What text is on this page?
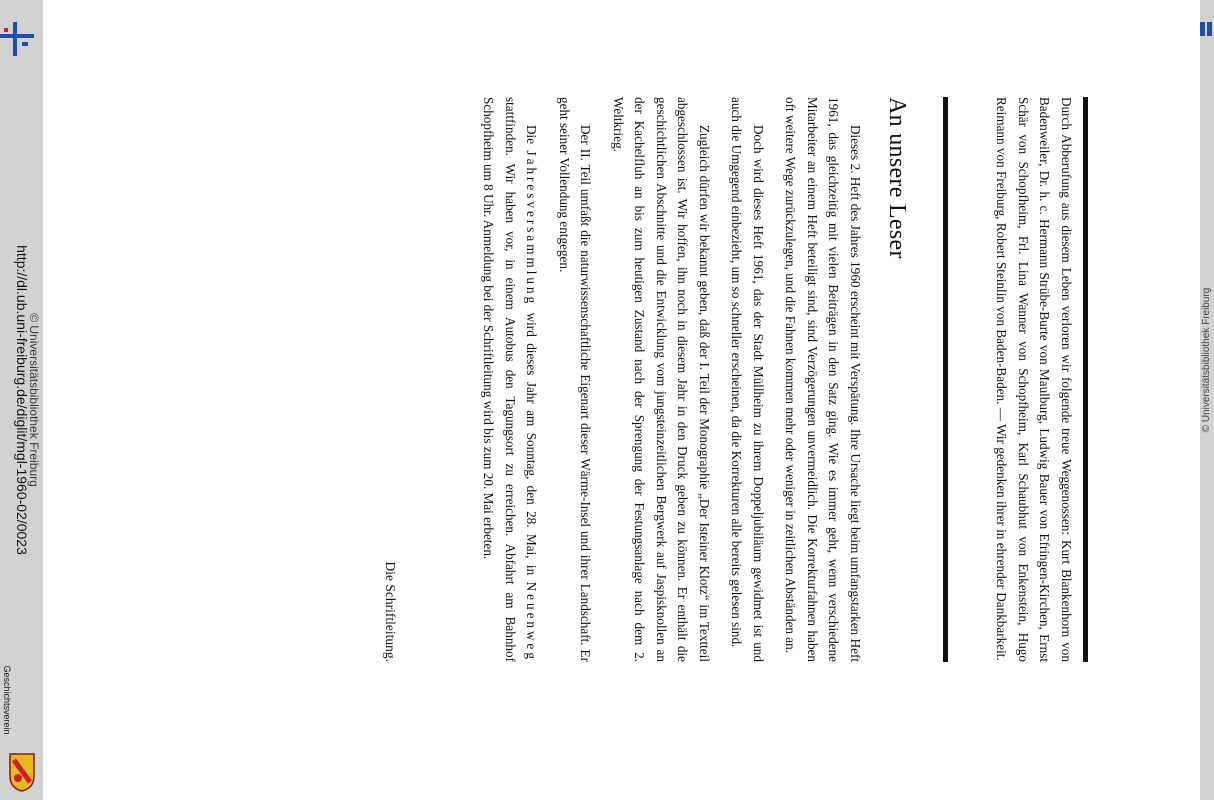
http://dl.ub.uni-freiburg.de/diglit/mgl-1960-02/0023
© Universitätsbibliothek Freiburg
Geschichtsverein
© Universitätsbibliothek Freiburg
Durch Abberufung aus diesem Leben verloren wir folgende treue Weggenossen: Kurt Blankenhorn von Badenweiler, Dr. h. c. Hermann Strübe-Burte von Maulburg, Ludwig Bauer von Efringen-Kirchen, Ernst Schär von Schopfheim, Frl. Lina Wanner von Schopfheim, Karl Schaubhut von Enkenstein, Hugo Reimann von Freiburg, Robert Steinlin von Baden-Baden. — Wir gedenken ihrer in ehrender Dankbarkeit.
An unsere Leser

Dieses 2. Heft des Jahres 1960 erscheint mit Verspätung. Ihre Ursache liegt beim umfangstarken Heft 1961, das gleichzeitig mit vielen Beiträgen in den Satz ging. Wie es immer geht, wenn verschiedene Mitarbeiter an einem Heft beteiligt sind, sind Verzögerungen unvermeidlich. Die Korrekturfahnen haben oft weitere Wege zurückzulegen, und die Fahnen kommen mehr oder weniger in zeitlichen Abständen an.

Doch wird dieses Heft 1961, das der Stadt Müllheim zu ihrem Doppeljubiläum gewidmet ist und auch die Umgegend einbezieht, um so schneller erscheinen, da die Korrekturen alle bereits gelesen sind.

Zugleich dürfen wir bekannt geben, daß der I. Teil der Monographie „Der Isteiner Klotz“ im Textteil abgeschlossen ist. Wir hoffen, ihn noch in diesem Jahr in den Druck geben zu können. Er enthält die geschichtlichen Abschnitte und die Entwicklung vom jungsteinzeitlichen Bergwerk auf Jaspisknollen an der Kachelfluh an bis zum heutigen Zustand nach der Sprengung der Festungsanlage nach dem 2. Weltkrieg.

Der II. Teil umfaßt die naturwissenschaftliche Eigenart dieser Wärme-Insel und ihrer Landschaft. Er geht seiner Vollendung entgegen.

Die Jahresversammlung wird dieses Jahr am Sonntag, den 28. Mai, in Neuenweg stattfinden. Wir haben vor, in einem Autobus den Tagungsort zu erreichen. Abfahrt am Bahnhof Schopfheim um 8 Uhr. Anmeldung bei der Schriftleitung wird bis zum 20. Mai erbeten.

Die Schriftleitung.
